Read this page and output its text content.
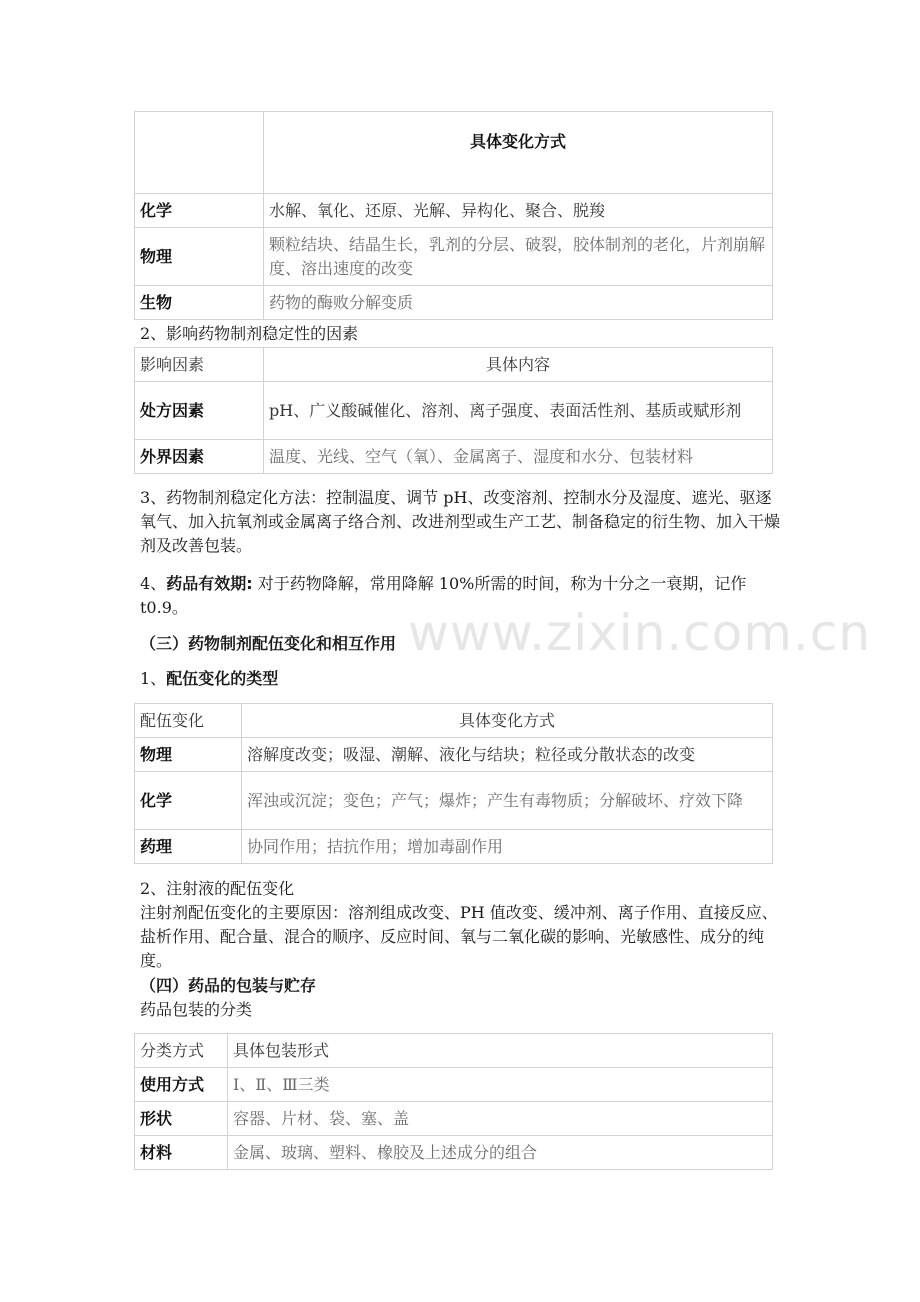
	具体变化方式
化学	水解、氧化、还原、光解、异构化、聚合、脱羧
物理	颗粒结块、结晶生长，乳剂的分层、破裂，胶体制剂的老化，片剂崩解度、溶出速度的改变
生物	药物的酶败分解变质
2、影响药物制剂稳定性的因素
影响因素	具体内容
处方因素	pH、广义酸碱催化、溶剂、离子强度、表面活性剂、基质或赋形剂
外界因素	温度、光线、空气（氧）、金属离子、湿度和水分、包装材料
3、药物制剂稳定化方法：控制温度、调节 pH、改变溶剂、控制水分及湿度、遮光、驱逐氧气、加入抗氧剂或金属离子络合剂、改进剂型或生产工艺、制备稳定的衍生物、加入干燥剂及改善包装。
4、药品有效期: 对于药物降解，常用降解 10%所需的时间，称为十分之一衰期，记作 t0.9。	www.zixin.com.cn
（三）药物制剂配伍变化和相互作用
1、配伍变化的类型
配伍变化	具体变化方式
物理	溶解度改变；吸湿、潮解、液化与结块；粒径或分散状态的改变
化学	浑浊或沉淀；变色；产气；爆炸；产生有毒物质；分解破坏、疗效下降
药理	协同作用；拮抗作用；增加毒副作用
2、注射液的配伍变化
注射剂配伍变化的主要原因：溶剂组成改变、PH 值改变、缓冲剂、离子作用、直接反应、盐析作用、配合量、混合的顺序、反应时间、氧与二氧化碳的影响、光敏感性、成分的纯度。
（四）药品的包装与贮存
药品包装的分类
分类方式	具体包装形式
使用方式	Ⅰ、Ⅱ、Ⅲ三类
形状	容器、片材、袋、塞、盖
材料	金属、玻璃、塑料、橡胶及上述成分的组合
